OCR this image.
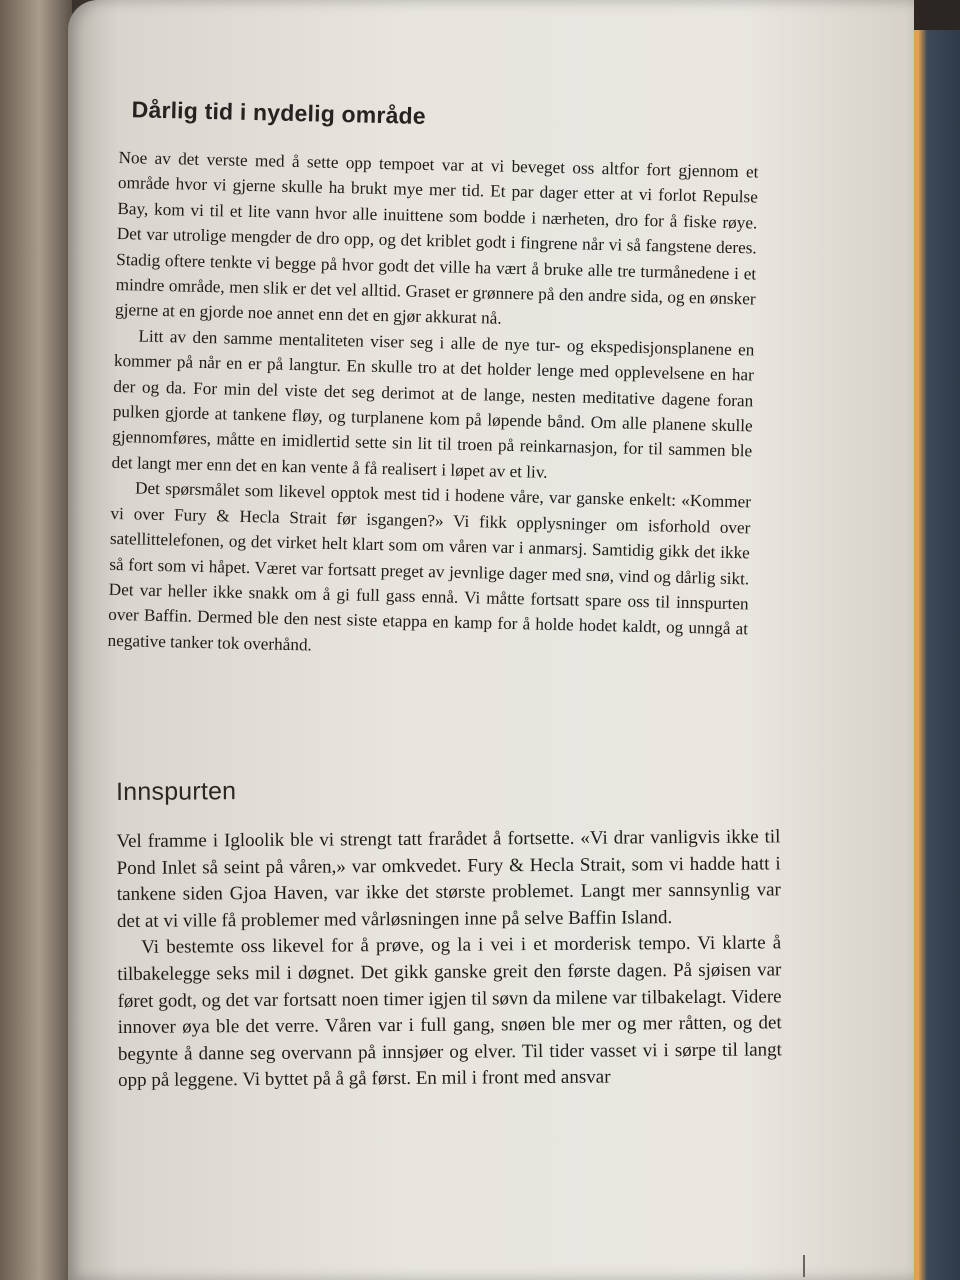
Dårlig tid i nydelig område

Noe av det verste med å sette opp tempoet var at vi beveget oss altfor fort gjennom et område hvor vi gjerne skulle ha brukt mye mer tid. Et par dager etter at vi forlot Repulse Bay, kom vi til et lite vann hvor alle inuittene som bodde i nærheten, dro for å fiske røye. Det var utrolige mengder de dro opp, og det kriblet godt i fingrene når vi så fangstene deres. Stadig oftere tenkte vi begge på hvor godt det ville ha vært å bruke alle tre turmånedene i et mindre område, men slik er det vel alltid. Graset er grønnere på den andre sida, og en ønsker gjerne at en gjorde noe annet enn det en gjør akkurat nå.

Litt av den samme mentaliteten viser seg i alle de nye tur- og ekspedisjonsplanene en kommer på når en er på langtur. En skulle tro at det holder lenge med opplevelsene en har der og da. For min del viste det seg derimot at de lange, nesten meditative dagene foran pulken gjorde at tankene fløy, og turplanene kom på løpende bånd. Om alle planene skulle gjennomføres, måtte en imidlertid sette sin lit til troen på reinkarnasjon, for til sammen ble det langt mer enn det en kan vente å få realisert i løpet av et liv.

Det spørsmålet som likevel opptok mest tid i hodene våre, var ganske enkelt: «Kommer vi over Fury & Hecla Strait før isgangen?» Vi fikk opplysninger om isforhold over satellittelefonen, og det virket helt klart som om våren var i anmarsj. Samtidig gikk det ikke så fort som vi håpet. Været var fortsatt preget av jevnlige dager med snø, vind og dårlig sikt. Det var heller ikke snakk om å gi full gass ennå. Vi måtte fortsatt spare oss til innspurten over Baffin. Dermed ble den nest siste etappa en kamp for å holde hodet kaldt, og unngå at negative tanker tok overhånd.

Innspurten

Vel framme i Igloolik ble vi strengt tatt frarådet å fortsette. «Vi drar vanligvis ikke til Pond Inlet så seint på våren,» var omkvedet. Fury & Hecla Strait, som vi hadde hatt i tankene siden Gjoa Haven, var ikke det største problemet. Langt mer sannsynlig var det at vi ville få problemer med vårløsningen inne på selve Baffin Island.

Vi bestemte oss likevel for å prøve, og la i vei i et morderisk tempo. Vi klarte å tilbakelegge seks mil i døgnet. Det gikk ganske greit den første dagen. På sjøisen var føret godt, og det var fortsatt noen timer igjen til søvn da milene var tilbakelagt. Videre innover øya ble det verre. Våren var i full gang, snøen ble mer og mer råtten, og det begynte å danne seg overvann på innsjøer og elver. Til tider vasset vi i sørpe til langt opp på leggene. Vi byttet på å gå først. En mil i front med ansvar
